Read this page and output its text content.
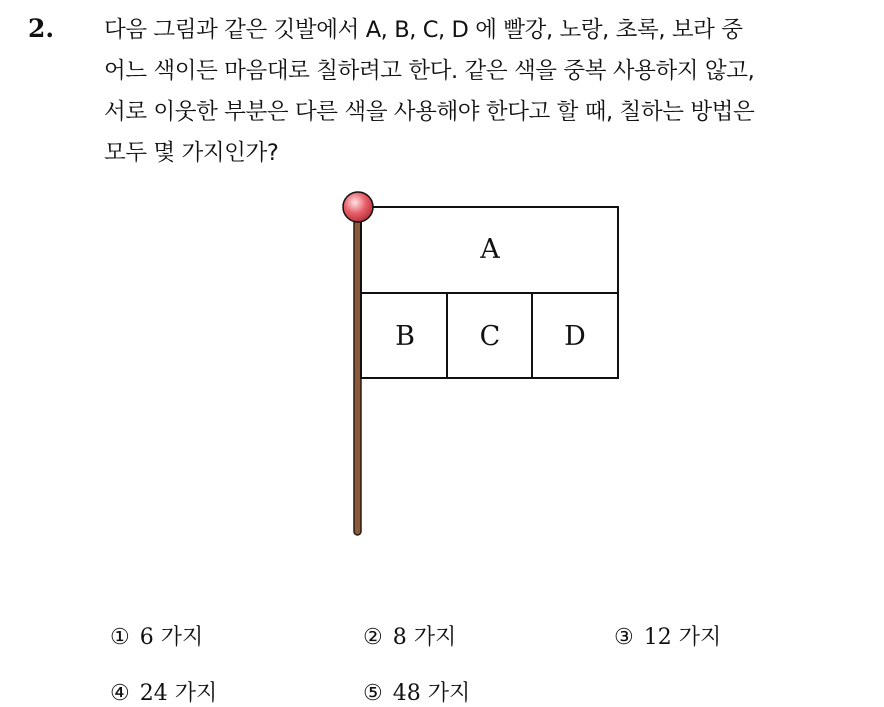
2. 다음 그림과 같은 깃발에서 A, B, C, D 에 빨강, 노랑, 초록, 보라 중
어느 색이든 마음대로 칠하려고 한다. 같은 색을 중복 사용하지 않고,
서로 이웃한 부분은 다른 색을 사용해야 한다고 할 때, 칠하는 방법은
모두 몇 가지인가?
A
B C D
① 6 가지	② 8 가지	③ 12 가지
④ 24 가지	⑤ 48 가지
